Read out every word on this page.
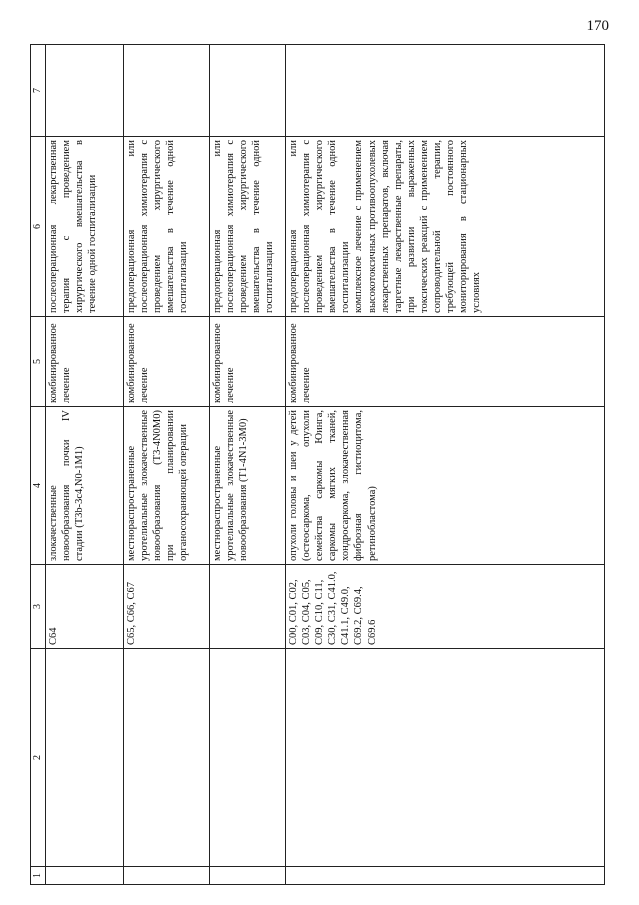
170
1	2	3	4	5	6	7
		C64	злокачественные новообразования почки IV стадии (T3b-3c4,N0-1M1)	комбинированное лечение	послеоперационная лекарственная терапия с проведением хирургического вмешательства в течение одной госпитализации	

		C65, C66, C67	местнораспространенные уротелиальные злокачественные новообразования (T3-4N0M0) при планировании органосохраняющей операции	комбинированное лечение	предоперационная или послеоперационная химиотерапия с проведением хирургического вмешательства в течение одной госпитализации	

			местнораспространенные уротелиальные злокачественные новообразования (T1-4N1-3M0)	комбинированное лечение	предоперационная или послеоперационная химиотерапия с проведением хирургического вмешательства в течение одной госпитализации	

		C00, C01, C02, C03, C04, C05, C09, C10, C11, C30, C31, C41.0, C41.1, C49.0, C69.2, C69.4, C69.6	опухоли головы и шеи у детей (остеосаркома, опухоли семейства саркомы Юинга, саркомы мягких тканей, хондросаркома, злокачественная фиброзная гистиоцитома, ретинобластома)	комбинированное лечение	предоперационная или послеоперационная химиотерапия с проведением хирургического вмешательства в течение одной госпитализации комплексное лечение с применением высокотоксичных противоопухолевых лекарственных препаратов, включая таргетные лекарственные препараты, при развитии выраженных токсических реакций с применением сопроводительной терапии, требующей постоянного мониторирования в стационарных условиях	
